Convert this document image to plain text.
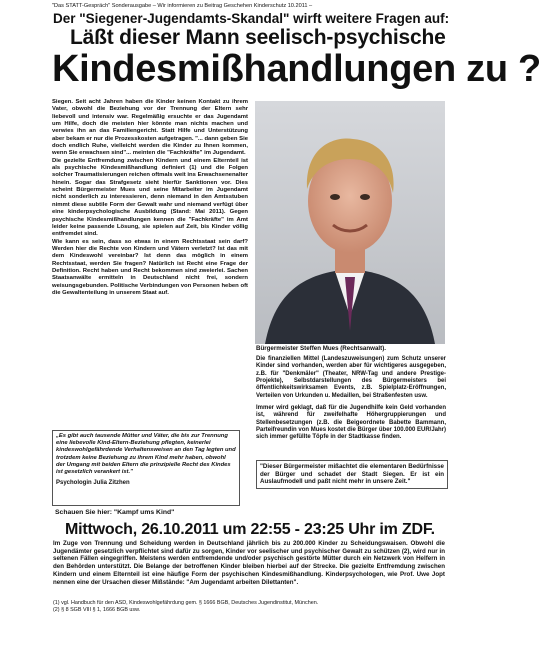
"Das STATT-Gespräch" Sonderausgabe – Wir informieren zu Beitrag Geschehen Kinderschutz 10.2011 –
Der "Siegener-Jugendamts-Skandal" wirft weitere Fragen auf:
Läßt dieser Mann seelisch-psychische
Kindesmißhandlungen zu ?

Siegen. Seit acht Jahren haben die Kinder keinen Kontakt zu ihrem Vater, obwohl die Beziehung vor der Trennung der Eltern sehr liebevoll und intensiv war. Regelmäßig ersuchte er das Jugendamt um Hilfe, doch die meisten hier könnte man nichts machen und verwies ihn an das Familiengericht. Statt Hilfe und Unterstützung aber bekam er nur die Prozesskosten aufgetragen. "... dann geben Sie doch endlich Ruhe, vielleicht werden die Kinder zu Ihnen kommen, wenn Sie erwachsen sind"... meinten die "Fachkräfte" im Jugendamt.

Die gezielte Entfremdung zwischen Kindern und einem Elternteil ist als psychische Kindesmißhandlung definiert (1) und die Folgen solcher Traumatisierungen reichen oftmals weit ins Erwachsenenalter hinein. Sogar das Strafgesetz sieht hierfür Sanktionen vor. Dies scheint Bürgermeister Mues und seine Mitarbeiter im Jugendamt nicht sonderlich zu interessieren, denn niemand in den Amtsstuben nimmt diese subtile Form der Gewalt wahr und niemand verfügt über eine kinderpsychologische Ausbildung (Stand: Mai 2011). Gegen psychische Kindesmißhandlungen kennen die "Fachkräfte" im Amt leider keine passende Lösung, sie spielen auf Zeit, bis Kinder völlig entfremdet sind.

Wie kann es sein, dass so etwas in einem Rechtsstaat sein darf? Werden hier die Rechte von Kindern und Vätern verletzt? Ist das mit dem Kindeswohl vereinbar? Ist denn das möglich in einem Rechtsstaat, werden Sie fragen? Natürlich ist Recht eine Frage der Definition. Recht haben und Recht bekommen sind zweierlei. Sachen Staatsanwälte ermitteln in Deutschland nicht frei, sondern weisungsgebunden. Politische Verbindungen von Personen heben oft die Gewaltenteilung in unserem Staat auf.

Bürgermeister Steffen Mues (Rechtsanwalt).

Die finanziellen Mittel (Landeszuweisungen) zum Schutz unserer Kinder sind vorhanden, werden aber für wichtigeres ausgegeben, z.B. für "Denkmäler" (Theater, NRW-Tag und andere Prestige-Projekte), Selbstdarstellungen des Bürgermeisters bei öffentlichkeitswirksamen Events, z.B. Spielplatz-Eröffnungen, Verteilen von Urkunden u. Medaillen, bei Straßenfesten usw.

Immer wird geklagt, daß für die Jugendhilfe kein Geld vorhanden ist, während für zweifelhafte Höhergruppierungen und Stellenbesetzungen (z.B. die Beigeordnete Babette Bammann, Parteifreundin von Mues kostet die Bürger über 100.000 EUR/Jahr) sich immer gefüllte Töpfe in der Stadtkasse finden.

"Dieser Bürgermeister mißachtet die elementaren Bedürfnisse der Bürger und schadet der Stadt Siegen. Er ist ein Auslaufmodell und paßt nicht mehr in unsere Zeit."
„Es gibt auch tausende Mütter und Väter, die bis zur Trennung eine liebevolle Kind-Eltern-Beziehung pflegten, keinerlei kindeswohlgefährdende Verhaltensweisen an den Tag legten und trotzdem keine Beziehung zu ihrem Kind mehr haben, obwohl der Umgang mit beiden Eltern die prinzipielle Recht des Kindes ist gesetzlich verankert ist."
Psychologin Julia Zitzhen
Schauen Sie hier: "Kampf ums Kind"
Mittwoch, 26.10.2011 um 22:55 - 23:25 Uhr im ZDF.
Im Zuge von Trennung und Scheidung werden in Deutschland jährlich bis zu 200.000 Kinder zu Scheidungswaisen. Obwohl die Jugendämter gesetzlich verpflichtet sind dafür zu sorgen, Kinder vor seelischer und psychischer Gewalt zu schützen (2), wird nur in seltenen Fällen eingegriffen. Meistens werden entfremdende und/oder psychisch gestörte Mütter durch ein Netzwerk von Helfern in den Behörden unterstützt. Die Belange der betroffenen Kinder bleiben hierbei auf der Strecke. Die gezielte Entfremdung zwischen Kindern und einem Elternteil ist eine häufige Form der psychischen Kindesmißhandlung. Kinderpsychologen, wie Prof. Uwe Jopt nennen eine der Ursachen dieser Mißstände: "Am Jugendamt arbeiten Dilettanten".
(1) vgl. Handbuch für den ASD, Kindeswohlgefährdung gem. § 1666 BGB, Deutsches Jugendinstitut, München.
(2) § 8 SGB VIII § 1, 1666 BGB usw.
